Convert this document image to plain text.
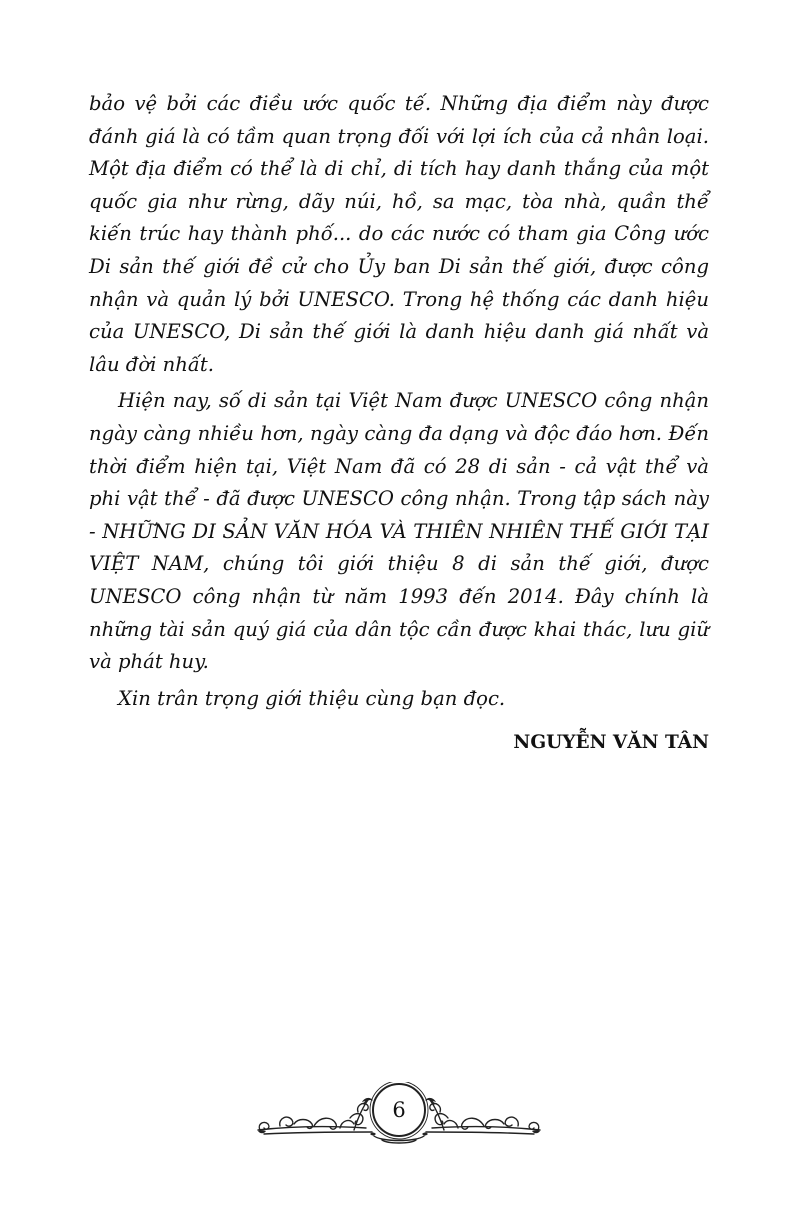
bảo vệ bởi các điều ước quốc tế. Những địa điểm này được đánh giá là có tầm quan trọng đối với lợi ích của cả nhân loại. Một địa điểm có thể là di chỉ, di tích hay danh thắng của một quốc gia như rừng, dãy núi, hồ, sa mạc, tòa nhà, quần thể kiến trúc hay thành phố... do các nước có tham gia Công ước Di sản thế giới đề cử cho Ủy ban Di sản thế giới, được công nhận và quản lý bởi UNESCO. Trong hệ thống các danh hiệu của UNESCO, Di sản thế giới là danh hiệu danh giá nhất và lâu đời nhất.

Hiện nay, số di sản tại Việt Nam được UNESCO công nhận ngày càng nhiều hơn, ngày càng đa dạng và độc đáo hơn. Đến thời điểm hiện tại, Việt Nam đã có 28 di sản - cả vật thể và phi vật thể - đã được UNESCO công nhận. Trong tập sách này - NHỮNG DI SẢN VĂN HÓA VÀ THIÊN NHIÊN THẾ GIỚI TẠI VIỆT NAM, chúng tôi giới thiệu 8 di sản thế giới, được UNESCO công nhận từ năm 1993 đến 2014. Đây chính là những tài sản quý giá của dân tộc cần được khai thác, lưu giữ và phát huy.

Xin trân trọng giới thiệu cùng bạn đọc.

NGUYỄN VĂN TÂN

6
